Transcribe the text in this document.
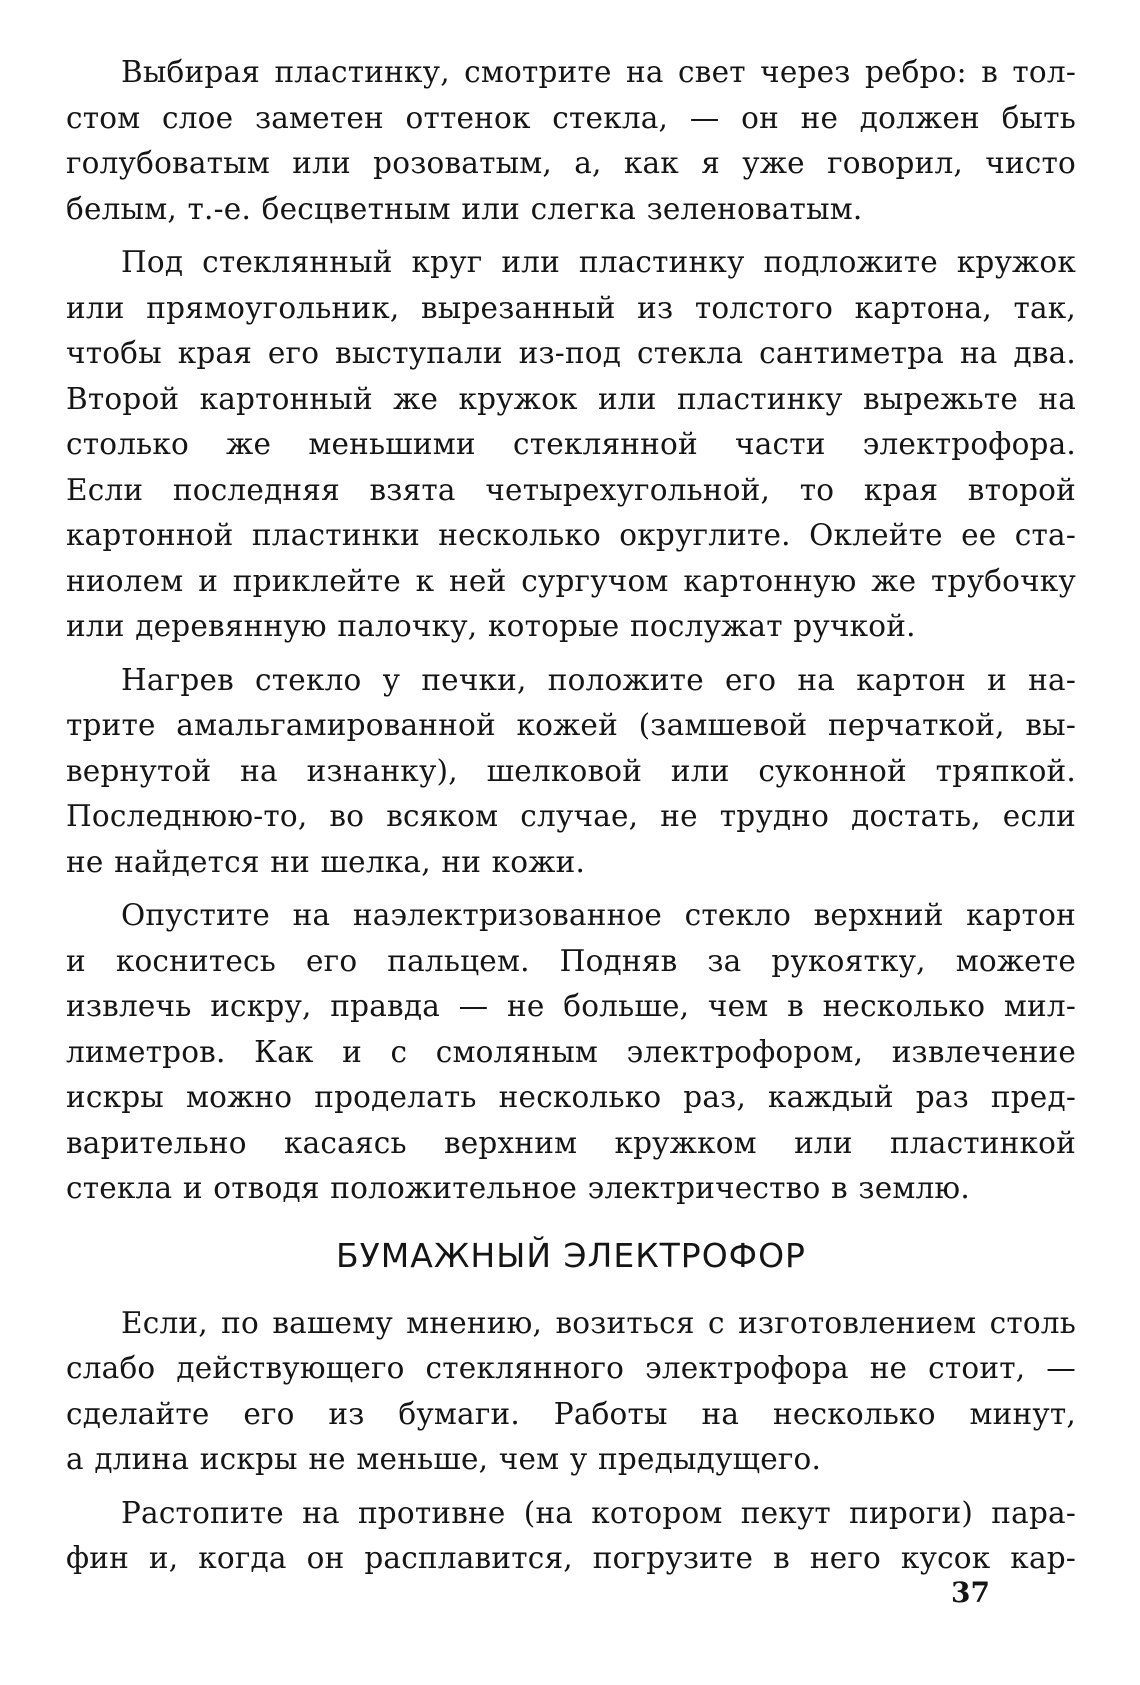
Выбирая пластинку, смотрите на свет через ребро: в тол-
стом слое заметен оттенок стекла, — он не должен быть
голубоватым или розоватым, а, как я уже говорил, чисто
белым, т.-е. бесцветным или слегка зеленоватым.

Под стеклянный круг или пластинку подложите кружок
или прямоугольник, вырезанный из толстого картона, так,
чтобы края его выступали из-под стекла сантиметра на два.
Второй картонный же кружок или пластинку вырежьте на
столько же меньшими стеклянной части электрофора.
Если последняя взята четырехугольной, то края второй
картонной пластинки несколько округлите. Оклейте ее ста-
ниолем и приклейте к ней сургучом картонную же трубочку
или деревянную палочку, которые послужат ручкой.

Нагрев стекло у печки, положите его на картон и на-
трите амальгамированной кожей (замшевой перчаткой, вы-
вернутой на изнанку), шелковой или суконной тряпкой.
Последнюю-то, во всяком случае, не трудно достать, если
не найдется ни шелка, ни кожи.

Опустите на наэлектризованное стекло верхний картон
и коснитесь его пальцем. Подняв за рукоятку, можете
извлечь искру, правда — не больше, чем в несколько мил-
лиметров. Как и с смоляным электрофором, извлечение
искры можно проделать несколько раз, каждый раз пред-
варительно касаясь верхним кружком или пластинкой
стекла и отводя положительное электричество в землю.

БУМАЖНЫЙ ЭЛЕКТРОФОР

Если, по вашему мнению, возиться с изготовлением столь
слабо действующего стеклянного электрофора не стоит, —
сделайте его из бумаги. Работы на несколько минут,
а длина искры не меньше, чем у предыдущего.

Растопите на противне (на котором пекут пироги) пара-
фин и, когда он расплавится, погрузите в него кусок кар-

37
